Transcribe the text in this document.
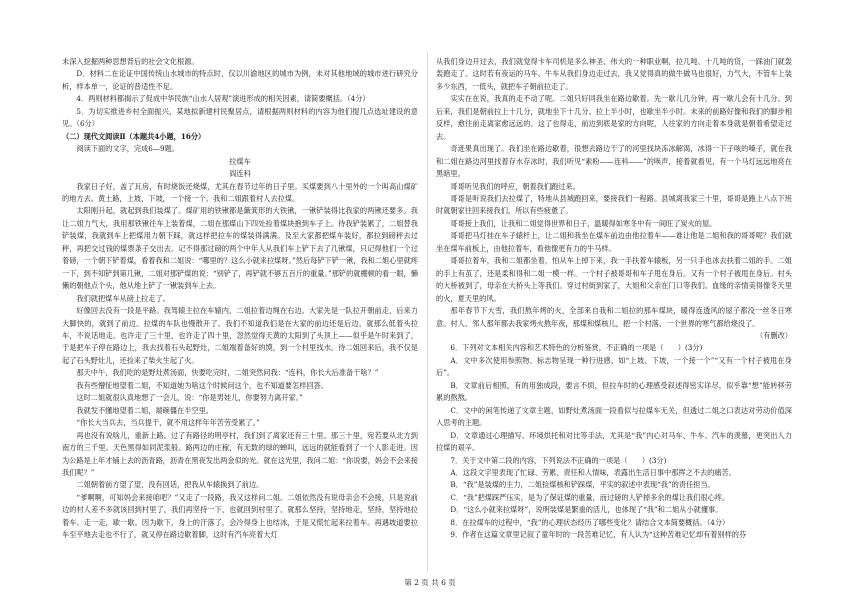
未深入挖掘两种思想背后的社会文化根源。

D．材料二在论证中国传统山水城市的特点时，仅以川渝地区的城市为例，未对其他地域的城市进行研究分析，样本单一，论证的普适性不足。

4．两则材料都揭示了促成中华民族“山水人居观”演进形成的相关因素，请简要概括。（4分）

5．为切实推进乡村全面振兴，某地拟新建村民聚居点，请根据两则材料的内容为他们提几点选址建设的意见。（6分）

（二）现代文阅读Ⅱ（本题共4小题，16分）

阅读下面的文字，完成6—9题。

拉煤车

阎连科

我家日子好，盖了瓦房，有时烧饭还烧煤，尤其在春节过年的日子里。买煤要到八十里外的一个叫高山煤矿的地方去。黄土路，上坡，下坡，一个接一个。我和二姐跟着村人去拉煤。

太阳刚升起，就起到我们装煤了。煤矿用的铁锹都是簸箕形的大铁锹，一锹铲装得比我家的两锹还要多。我让二姐力气大，我用那铁锹往车上装着煤，二姐在那煤山下四处捡着煤块抱到车子上。待我铲装累了，二姐替我铲装煤，我就到车上把煤用力朝下踩，就这样把拉车的煤装得满满。及至大家都把煤车装好，都拉到磅秤去过秤，再把交过钱的煤票条子交出去。记不得那过磅的两个中年人从我们车上铲下去了几锹煤，只记得他们一个过着磅，一个朝下铲着煤，看着我和二姐说：“哪里的？这么小就来拉煤呀。”然后每铲下铲一锹，我和二姐心里就疼一下，到不知铲到第几锹，二姐对那铲煤的说：“别铲了，再铲就不够五百斤的重量。”那铲的就棚顿的看一眼，懒懒的朝他点个头，他从地上铲了一锹装到车上去。

我们就把煤车从磅上拉走了。

好像回去没有一段是平路。我驾辕主拉在车辕内，二姐拉着边绳在右边。大家先是一队拉开朝前走，后来力大脚快的，就到了前边。拉煤的车队也慢散开了。我们不知道我们是在大家的前边还是后边，就那么低着头拉车，不说话地走。也许走了三十里，也许走了四十里，忽然觉得天黄的太阳到了头顶上——似乎是午时来到了，于是把车子停在路边上，我去找着石头起野灶，二姐端着备好的馍，到一个村里找水。待二姐回来后，我不仅是起了石头野灶儿，还捡来了柴火生起了火。

那天中午，我们吃的是野灶煮汤面，快要吃完时，二姐突然问我：“连科，你长大后准备干啥？”

我有些懵怔地望着二姐，不知道她为啥这个时候问这个，也不知道要怎样回答。

这时二姐就很认真地想了一会儿，说：“你是男娃儿，你要努力离开家。”

我就发不懂地望着二姐，端碗僵在半空里。

“你长大当兵去，当兵提干，就不用这样年年苦劳受累了。”

再也没有说啥儿，重新上路。过了有路径的明亭村，我们到了离家还有三十里。那三十里，宛若要从北方到南方的三千里。天色黑得如同泥浆般。路两边的庄稼，有无数的绿的蝉叫，远远的就能看到了一个人影走进。因为公路是上年才铺上去的沥青路，沥青在黑夜发出两金似的光。就在这光里，我问二姐：“你说要，妈会不会来接我们呢？”

二姐朝着前方望了望，没有回话，把我从车辕换到了前边。

“爹啊啊，可知妈会来接咱吧？”又走了一段路，我又这样问二姐。二姐依然没有说母亲会不会接，只是说前边的村人差不多就该回到村里了，我们再坚持一下，也就回到村里了。就那么坚持，坚持地走，坚持，坚持地拉着车。走一走，歇一歇。因为歇下，身上的汗落了，会冷得身上也结冰，于是又慌忙起来拉着车。再遇坡道要拉车至平地去走也不行了，就又停在路边歇着脚，这时有汽车亮着大灯

从我们身边开过去，我们就觉得卡车司机是多么神圣、伟大的一种职业啊，拉几吨、十几吨的货，一踩油门就轰轰跑走了。这时若有夜运的马车、牛车从我们身边走过去，我又觉得真的做牛做马也很好，力气大，不管车上装多少东西，一低头，就把车子朝前拉走了。

实实在在说，我真的走不动了呢。二姐只好同我坐在路边歇着。先一歇儿几分钟，再一歇儿会有十几分。到后来，我们是朝前拉上十几分，就地坐下十几分。拉上半小时，也歇坐半小时。未来的前路好像和我们的脚步相反样，愈往前走离家愈远远的。这了也得走，前边到底是家的方向呢，人往家的方向走着本身就是朝着希望走过去。

奇迹果真出现了。我们坐在路边歇着，很想去路边干了的河里找块冻冰解渴，冰得一下子咳的嗓子，就在我和二姐在路边河里找着存水存冰时，我们听见“素粉——连科——”的唤声，接着就看见，有一个马灯远远地亮在黑暗里。

哥哥听见我们的呼应，朝着我们跑过来。

哥哥是听说我们去拉煤了，特地从县城跑回来，要接我们一程路。县城离我家三十里，哥哥是跑上八点下班时就朝家往回来接我们，所以有些疲惫了。

哥哥接上我们，让我和二姐觉得世界和日子，温暖得如寒冬中有一间旺了炭火的屋。

哥哥把马灯挂在车子辕杆上，让二姐和我坐在煤车前边由他拉着车——谁让他是二姐和我的哥哥呢？我们就坐在煤车前板上，由他拉着车，看他像更有力的牛马样。

哥哥拉着车，我和二姐都坐着，怕从车上掉下来，我一手扶着车辕板，另一只手也冰去扶着二姐的手。二姐的手上有茧了，还是柔和得和二姐一模一样。一个村子被哥哥和车子甩在身后。又有一个村子被甩在身后。村头的大桥被到了，母亲在大桥头上等我们。穿过村街到家了，大姐和父亲在门口等我们。血缘的亲情美得像冬天里的火，夏天里的风。

那年春节下大雪，我们熬年烤的火，全部来自我和二姐拉的那车煤块，暖得连透风的屋子都没一丝冬日寒意。村人、邻人那年都去我家烤火熬年夜，那煤和煤核儿，把一个村落、一个世界的寒气都给烧没了。

（有删改）

6．下列对文本相关内容和艺术特色的分析鉴赏，不正确的一项是（　　）(3分)

A．文中多次使用参照物、标志物呈现一种行进感，如“上坡、下坡，一个接一个”“又有一个村子被甩在身后”。

B．文章前后相照，有的用独成段，要言不烦，但拉车时的心理感受叙述得密实详尽，似乎靠“想”能转移劳累的熬熬。

C．文中的闲笔传递了文章主题，如野灶煮汤面一段看似与拉煤车无关，但透过二姐之口表达对劳动价值深入思考的主题。

D．文章通过心理描写、环境烘托和对比等手法，尤其是“我”内心对马车、牛车、汽车的羡慕，更突出人力拉煤的艰辛。

7．关于文中第二段的内容，下列说法不正确的一项是（　　）(3分)

A．这段文字里表现了忙碌、劳累、责任和人情味，表露出生活日事中那挥之不去的痛苦。

B．“我”是装煤的主力，二姐捡煤核和铲踩煤，平实的叙述中表现“我”的责任担当。

C．“我”把煤踩严压实，是为了保证煤的重量，而过磅的人铲掉多余的煤让我们很心疼。

D．“这么小就来拉煤呀”，说明装煤是繁重的活儿，也体现了“我”和二姐从小就懂事。

8．在拉煤车的过程中，“我”的心理状态经历了哪些变化？请结合文本简要概括。（4分）

9．作者在这篇文章里记叙了童年时的一段苦难记忆，有人认为“这种苦难记忆却有着别样的芬

第 2 页 共 6 页
